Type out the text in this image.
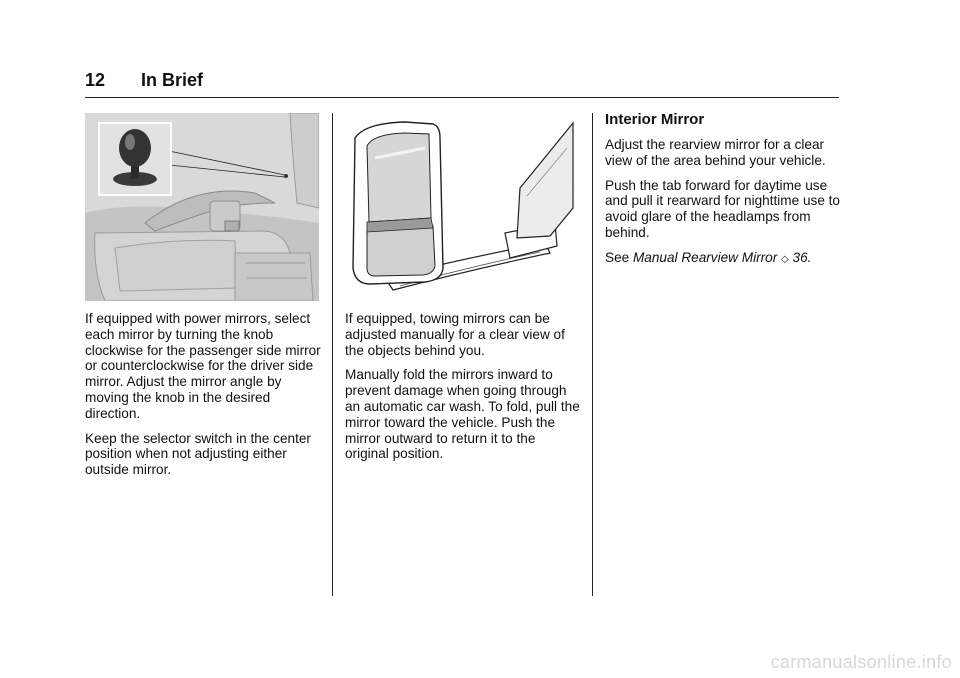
12 In Brief

If equipped with power mirrors, select each mirror by turning the knob clockwise for the passenger side mirror or counterclockwise for the driver side mirror. Adjust the mirror angle by moving the knob in the desired direction.

Keep the selector switch in the center position when not adjusting either outside mirror.

If equipped, towing mirrors can be adjusted manually for a clear view of the objects behind you.

Manually fold the mirrors inward to prevent damage when going through an automatic car wash. To fold, pull the mirror toward the vehicle. Push the mirror outward to return it to the original position.

Interior Mirror

Adjust the rearview mirror for a clear view of the area behind your vehicle.

Push the tab forward for daytime use and pull it rearward for nighttime use to avoid glare of the headlamps from behind.

See Manual Rearview Mirror ◇ 36.

carmanualsonline.info
